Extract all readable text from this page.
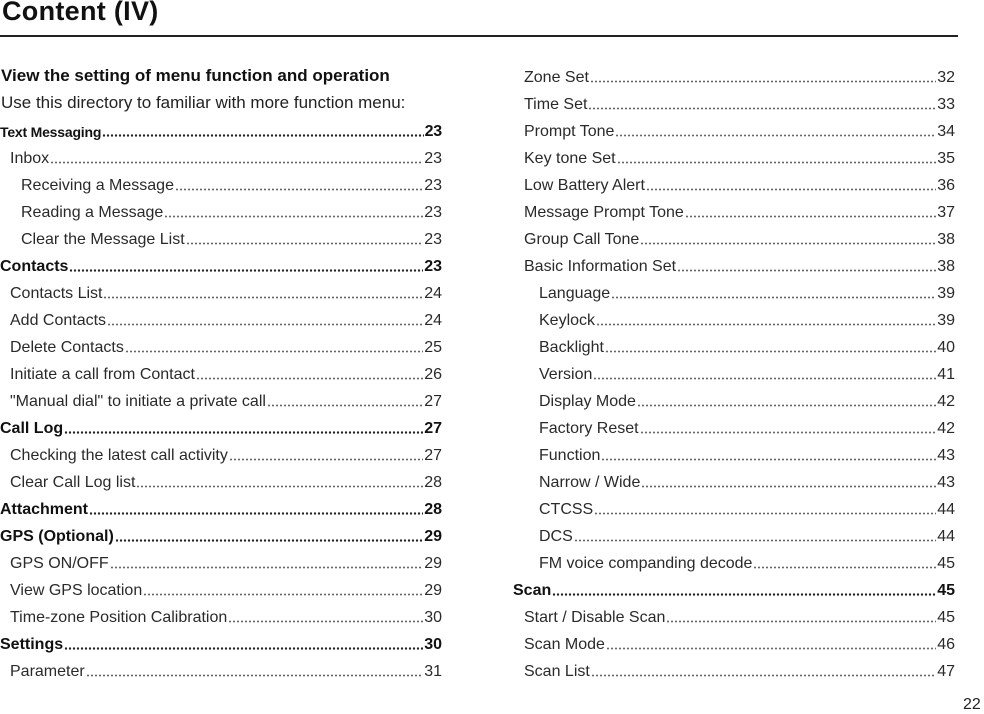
Content (IV)
View the setting of menu function and operation
Use this directory to familiar with more function menu:
Text Messaging	23
Inbox	23
Receiving a Message	23
Reading a Message	23
Clear the Message List	23
Contacts	23
Contacts List	24
Add Contacts	24
Delete Contacts	25
Initiate a call from Contact	26
"Manual dial" to initiate a private call	27
Call Log	27
Checking the latest call activity	27
Clear Call Log list	28
Attachment	28
GPS (Optional)	29
GPS ON/OFF	29
View GPS location	29
Time-zone Position Calibration	30
Settings	30
Parameter	31
Zone Set	32
Time Set	33
Prompt Tone	34
Key tone Set	35
Low Battery Alert	36
Message Prompt Tone	37
Group Call Tone	38
Basic Information Set	38
Language	39
Keylock	39
Backlight	40
Version	41
Display Mode	42
Factory Reset	42
Function	43
Narrow / Wide	43
CTCSS	44
DCS	44
FM voice companding decode	45
Scan	45
Start / Disable Scan	45
Scan Mode	46
Scan List	47
22
